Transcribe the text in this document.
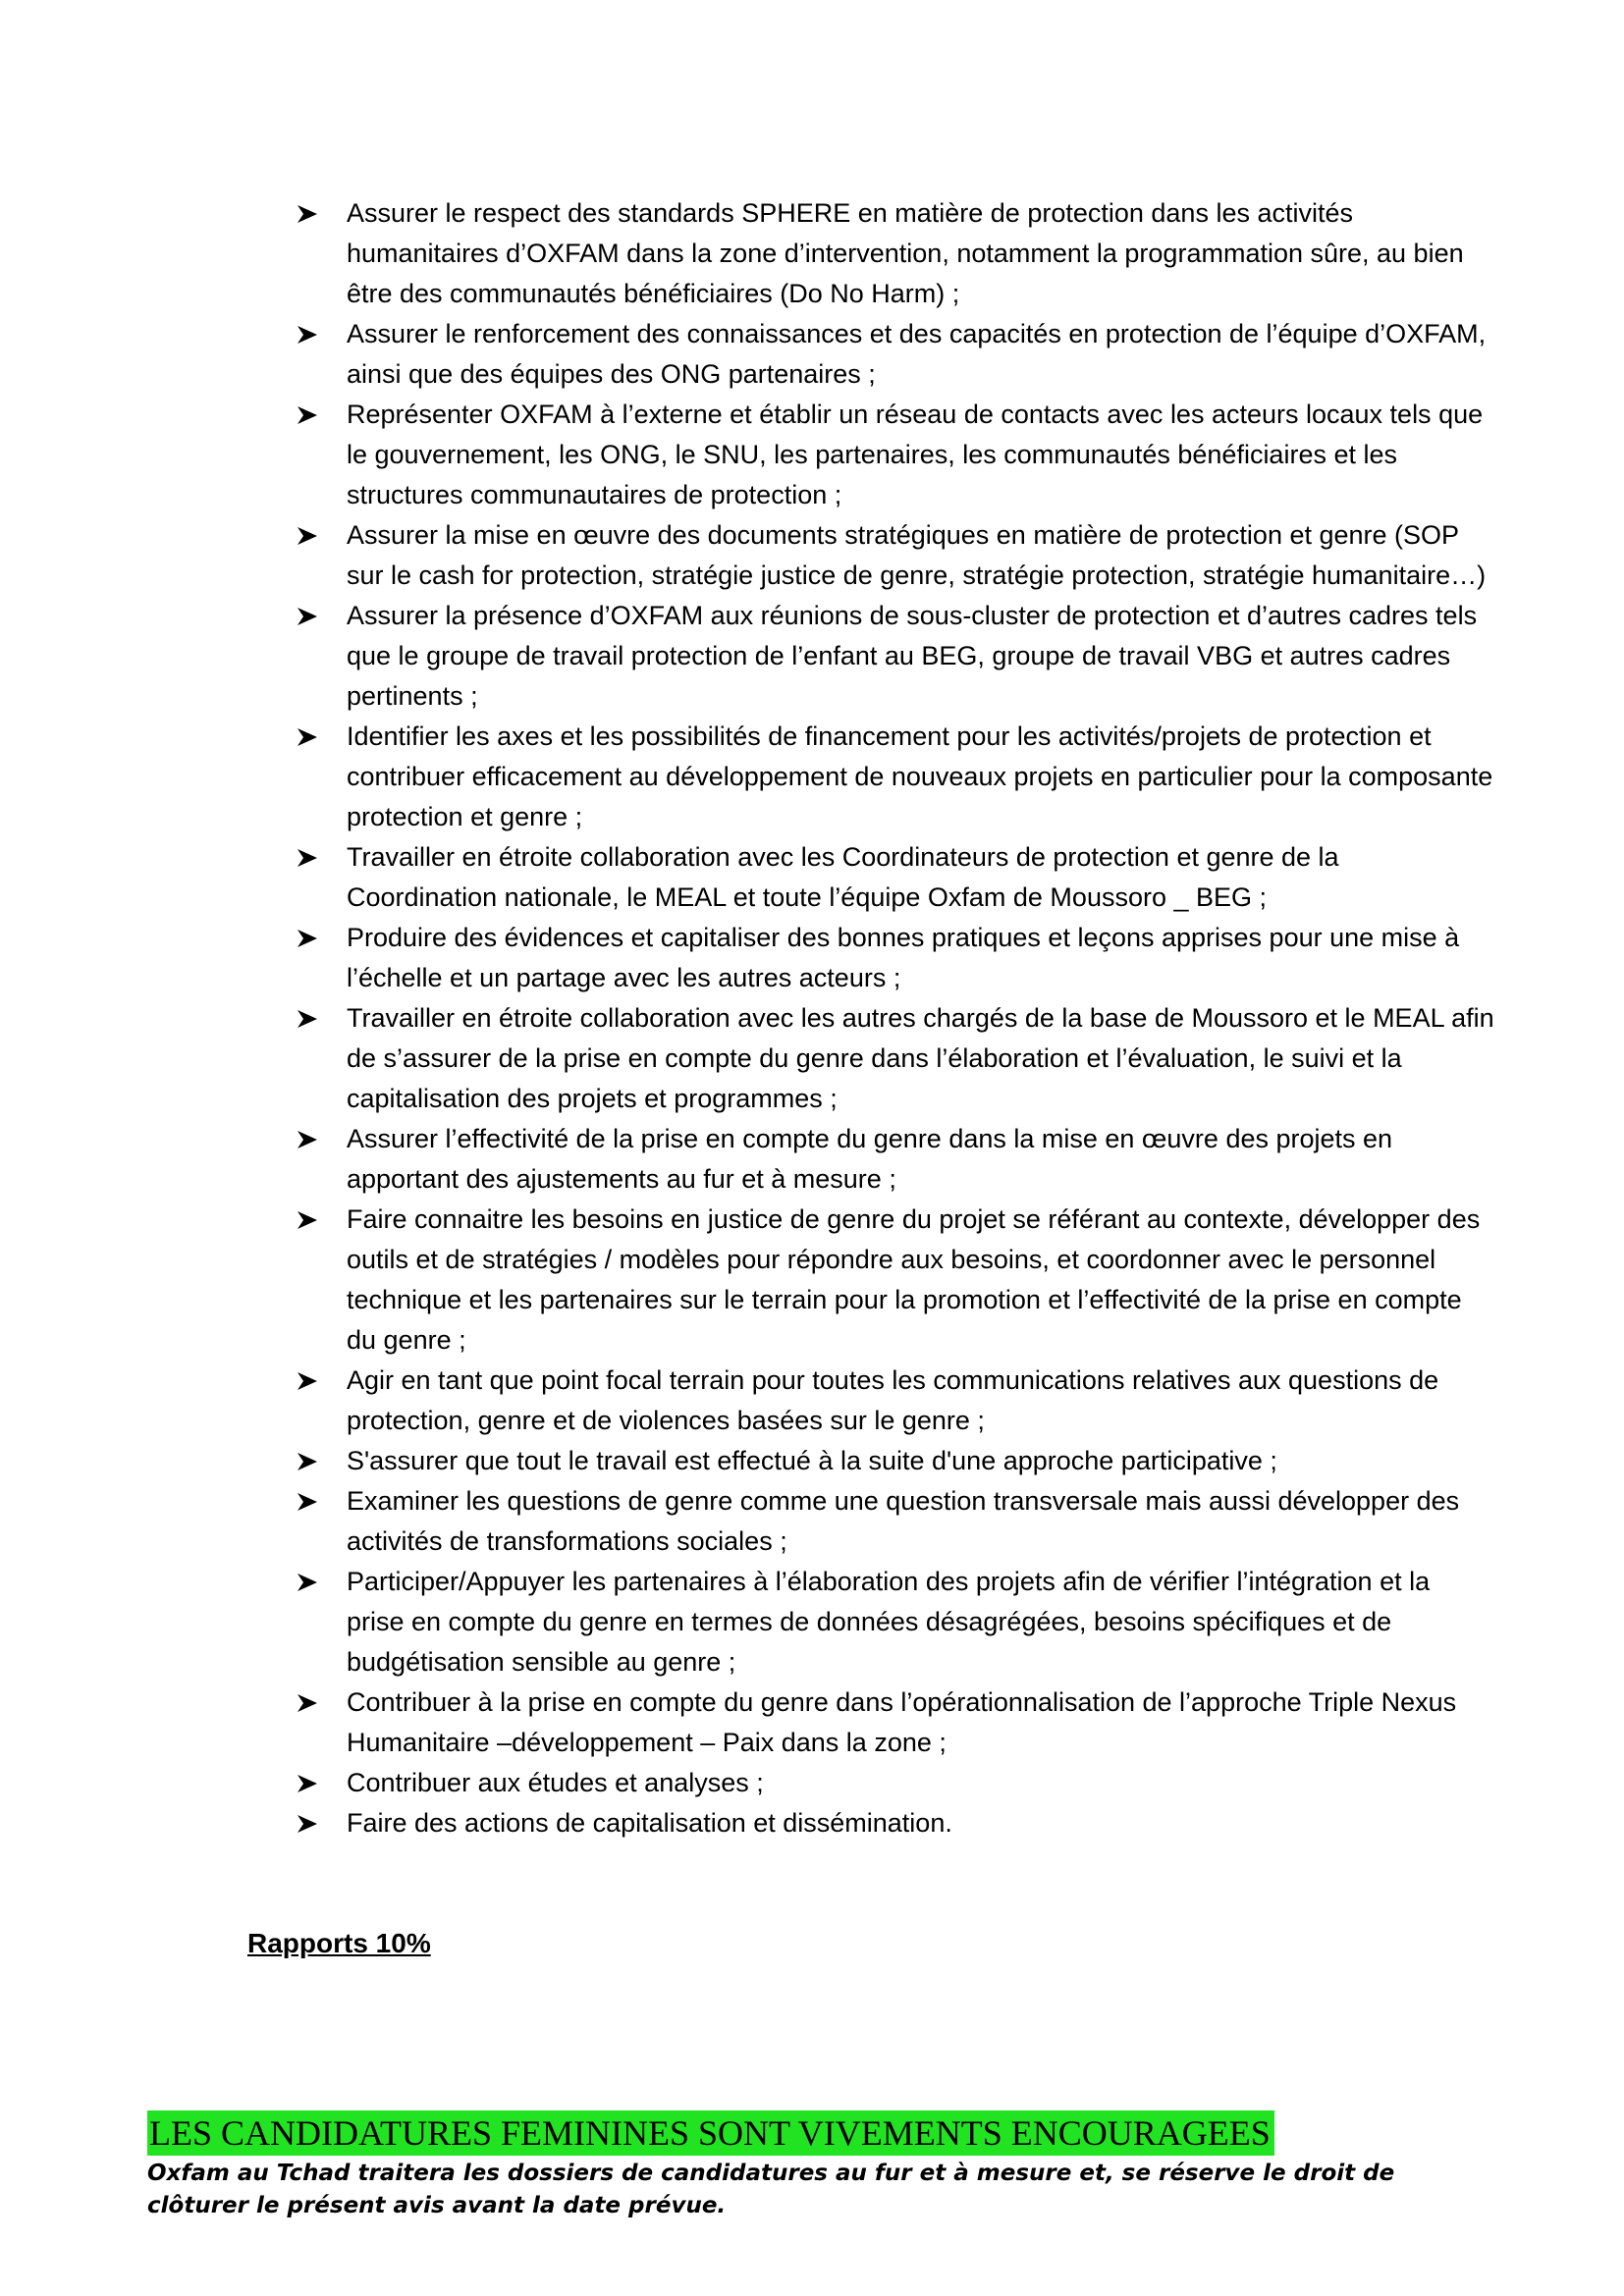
Assurer le respect des standards SPHERE en matière de protection dans les activités humanitaires d’OXFAM dans la zone d’intervention, notamment la programmation sûre, au bien être des communautés bénéficiaires (Do No Harm) ;
Assurer le renforcement des connaissances et des capacités en protection de l’équipe d’OXFAM, ainsi que des équipes des ONG partenaires ;
Représenter OXFAM à l’externe et établir un réseau de contacts avec les acteurs locaux tels que le gouvernement, les ONG, le SNU, les partenaires, les communautés bénéficiaires et les structures communautaires de protection ;
Assurer la mise en œuvre des documents stratégiques en matière de protection et genre (SOP sur le cash for protection, stratégie justice de genre, stratégie protection, stratégie humanitaire…)
Assurer la présence d’OXFAM aux réunions de sous-cluster de protection et d’autres cadres tels que le groupe de travail protection de l’enfant au BEG, groupe de travail VBG et autres cadres pertinents ;
Identifier les axes et les possibilités de financement pour les activités/projets de protection et contribuer efficacement au développement de nouveaux projets en particulier pour la composante protection et genre ;
Travailler en étroite collaboration avec les Coordinateurs de protection et genre de la Coordination nationale, le MEAL et toute l’équipe Oxfam de Moussoro _ BEG ;
Produire des évidences et capitaliser des bonnes pratiques et leçons apprises pour une mise à l’échelle et un partage avec les autres acteurs ;
Travailler en étroite collaboration avec les autres chargés de la base de Moussoro et le MEAL afin de s’assurer de la prise en compte du genre dans l’élaboration et l’évaluation, le suivi et la capitalisation des projets et programmes ;
Assurer l’effectivité de la prise en compte du genre dans la mise en œuvre des projets en apportant des ajustements au fur et à mesure ;
Faire connaitre les besoins en justice de genre du projet se référant au contexte, développer des outils et de stratégies / modèles pour répondre aux besoins, et coordonner avec le personnel technique et les partenaires sur le terrain pour la promotion et l’effectivité de la prise en compte du genre ;
Agir en tant que point focal terrain pour toutes les communications relatives aux questions de protection, genre et de violences basées sur le genre ;
S'assurer que tout le travail est effectué à la suite d'une approche participative ;
Examiner les questions de genre comme une question transversale mais aussi développer des activités de transformations sociales ;
Participer/Appuyer les partenaires à l’élaboration des projets afin de vérifier l’intégration et la prise en compte du genre en termes de données désagrégées, besoins spécifiques et de budgétisation sensible au genre ;
Contribuer à la prise en compte du genre dans l’opérationnalisation de l’approche Triple Nexus Humanitaire –développement – Paix dans la zone ;
Contribuer aux études et analyses ;
Faire des actions de capitalisation et dissémination.
Rapports 10%
LES CANDIDATURES FEMININES SONT VIVEMENTS ENCOURAGEES

Oxfam au Tchad traitera les dossiers de candidatures au fur et à mesure et, se réserve le droit de clôturer le présent avis avant la date prévue.
